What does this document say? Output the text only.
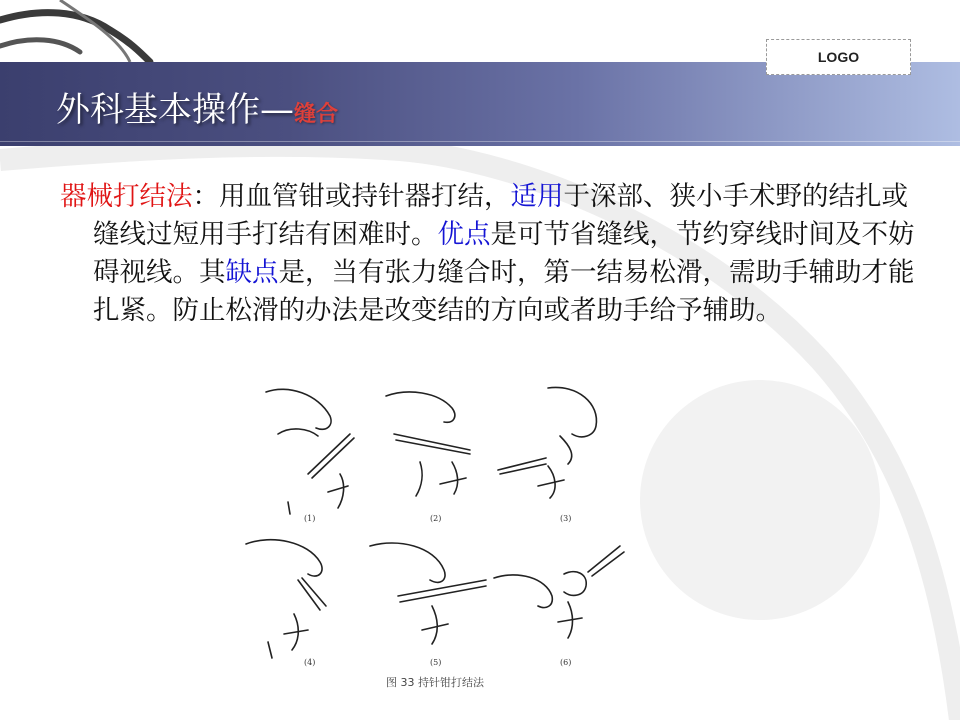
LOGO
外科基本操作—缝合
器械打结法：用血管钳或持针器打结，适用于深部、狭小手术野的结扎或缝线过短用手打结有困难时。优点是可节省缝线，节约穿线时间及不妨碍视线。其缺点是，当有张力缝合时，第一结易松滑，需助手辅助才能扎紧。防止松滑的办法是改变结的方向或者助手给予辅助。
(1)	(2)	(3)
(4)	(5)	(6)
图 33 持针钳打结法
